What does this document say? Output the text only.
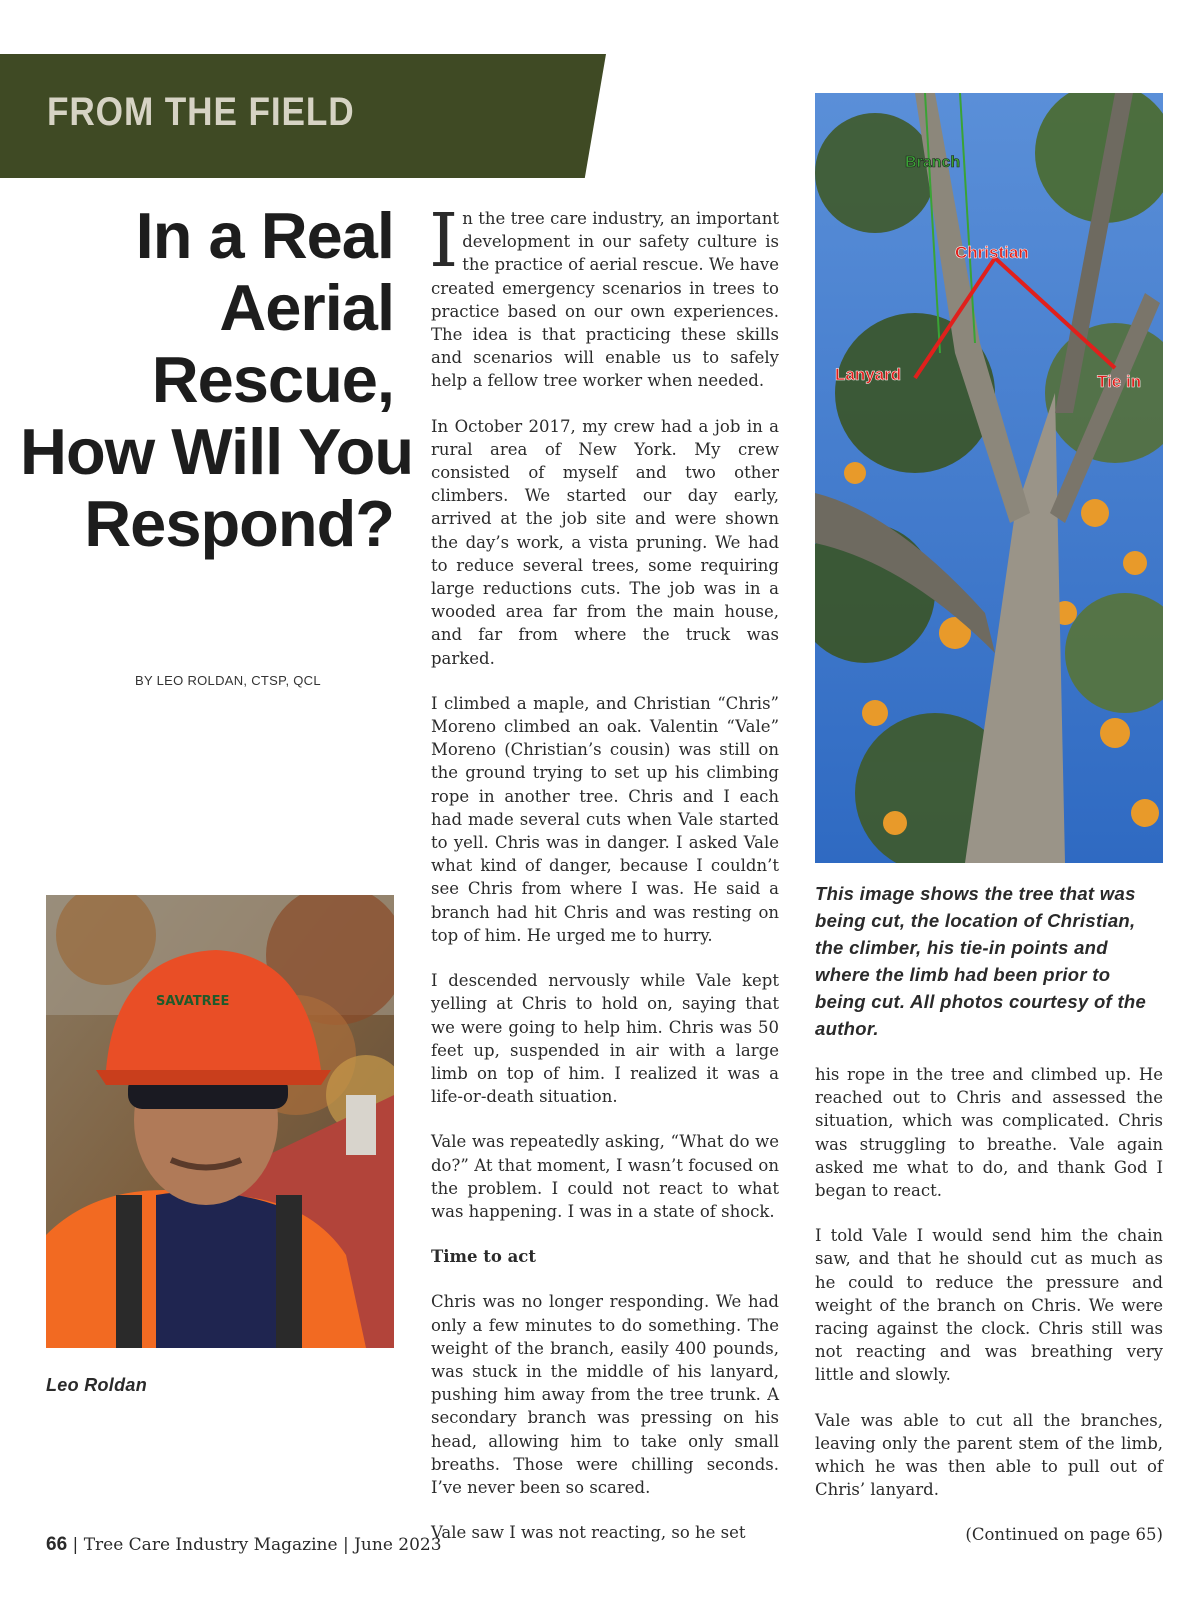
FROM THE FIELD
In a Real
Aerial
Rescue,
How Will You
Respond?
BY LEO ROLDAN, CTSP, QCL
SAVATREE
Leo Roldan

In the tree care industry, an important development in our safety culture is the practice of aerial rescue. We have created emergency scenarios in trees to practice based on our own experiences. The idea is that practicing these skills and scenarios will enable us to safely help a fellow tree worker when needed.

In October 2017, my crew had a job in a rural area of New York. My crew consisted of myself and two other climbers. We started our day early, arrived at the job site and were shown the day’s work, a vista pruning. We had to reduce several trees, some requiring large reductions cuts. The job was in a wooded area far from the main house, and far from where the truck was parked.

I climbed a maple, and Christian “Chris” Moreno climbed an oak. Valentin “Vale” Moreno (Christian’s cousin) was still on the ground trying to set up his climbing rope in another tree. Chris and I each had made several cuts when Vale started to yell. Chris was in danger. I asked Vale what kind of danger, because I couldn’t see Chris from where I was. He said a branch had hit Chris and was resting on top of him. He urged me to hurry.

I descended nervously while Vale kept yelling at Chris to hold on, saying that we were going to help him. Chris was 50 feet up, suspended in air with a large limb on top of him. I realized it was a life-or-death situation.

Vale was repeatedly asking, “What do we do?” At that moment, I wasn’t focused on the problem. I could not react to what was happening. I was in a state of shock.

Time to act

Chris was no longer responding. We had only a few minutes to do something. The weight of the branch, easily 400 pounds, was stuck in the middle of his lanyard, pushing him away from the tree trunk. A secondary branch was pressing on his head, allowing him to take only small breaths. Those were chilling seconds. I’ve never been so scared.

Vale saw I was not reacting, so he set

Branch
Christian
Lanyard	Tie in
This image shows the tree that was being cut, the location of Christian, the climber, his tie-in points and where the limb had been prior to being cut. All photos courtesy of the author.

his rope in the tree and climbed up. He reached out to Chris and assessed the situation, which was complicated. Chris was struggling to breathe. Vale again asked me what to do, and thank God I began to react.

I told Vale I would send him the chain saw, and that he should cut as much as he could to reduce the pressure and weight of the branch on Chris. We were racing against the clock. Chris still was not reacting and was breathing very little and slowly.

Vale was able to cut all the branches, leaving only the parent stem of the limb, which he was then able to pull out of Chris’ lanyard.

(Continued on page 65)

66 | Tree Care Industry Magazine | June 2023
